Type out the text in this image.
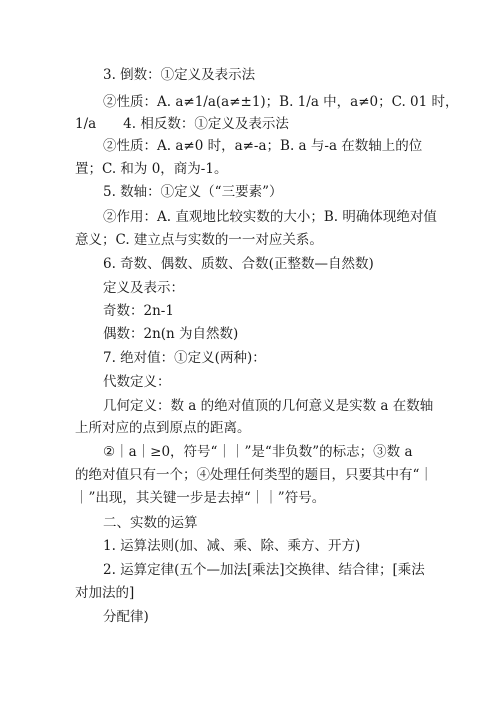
3. 倒数：①定义及表示法
②性质：A. a≠1/a(a≠±1)；B. 1/a 中，a≠0；C. 01 时，
1/a　　4. 相反数：①定义及表示法
②性质：A. a≠0 时，a≠-a；B. a 与-a 在数轴上的位
置；C. 和为 0，商为-1。
5. 数轴：①定义（“三要素”）
②作用：A. 直观地比较实数的大小；B. 明确体现绝对值
意义；C. 建立点与实数的一一对应关系。
6. 奇数、偶数、质数、合数(正整数—自然数)
定义及表示：
奇数：2n-1
偶数：2n(n 为自然数)
7. 绝对值：①定义(两种)：
代数定义：
几何定义：数 a 的绝对值顶的几何意义是实数 a 在数轴
上所对应的点到原点的距离。
②｜a｜≥0，符号“｜｜”是“非负数”的标志；③数 a
的绝对值只有一个；④处理任何类型的题目，只要其中有“｜
｜”出现，其关键一步是去掉“｜｜”符号。
二、实数的运算
1. 运算法则(加、减、乘、除、乘方、开方)
2. 运算定律(五个—加法[乘法]交换律、结合律；[乘法
对加法的]
分配律)
